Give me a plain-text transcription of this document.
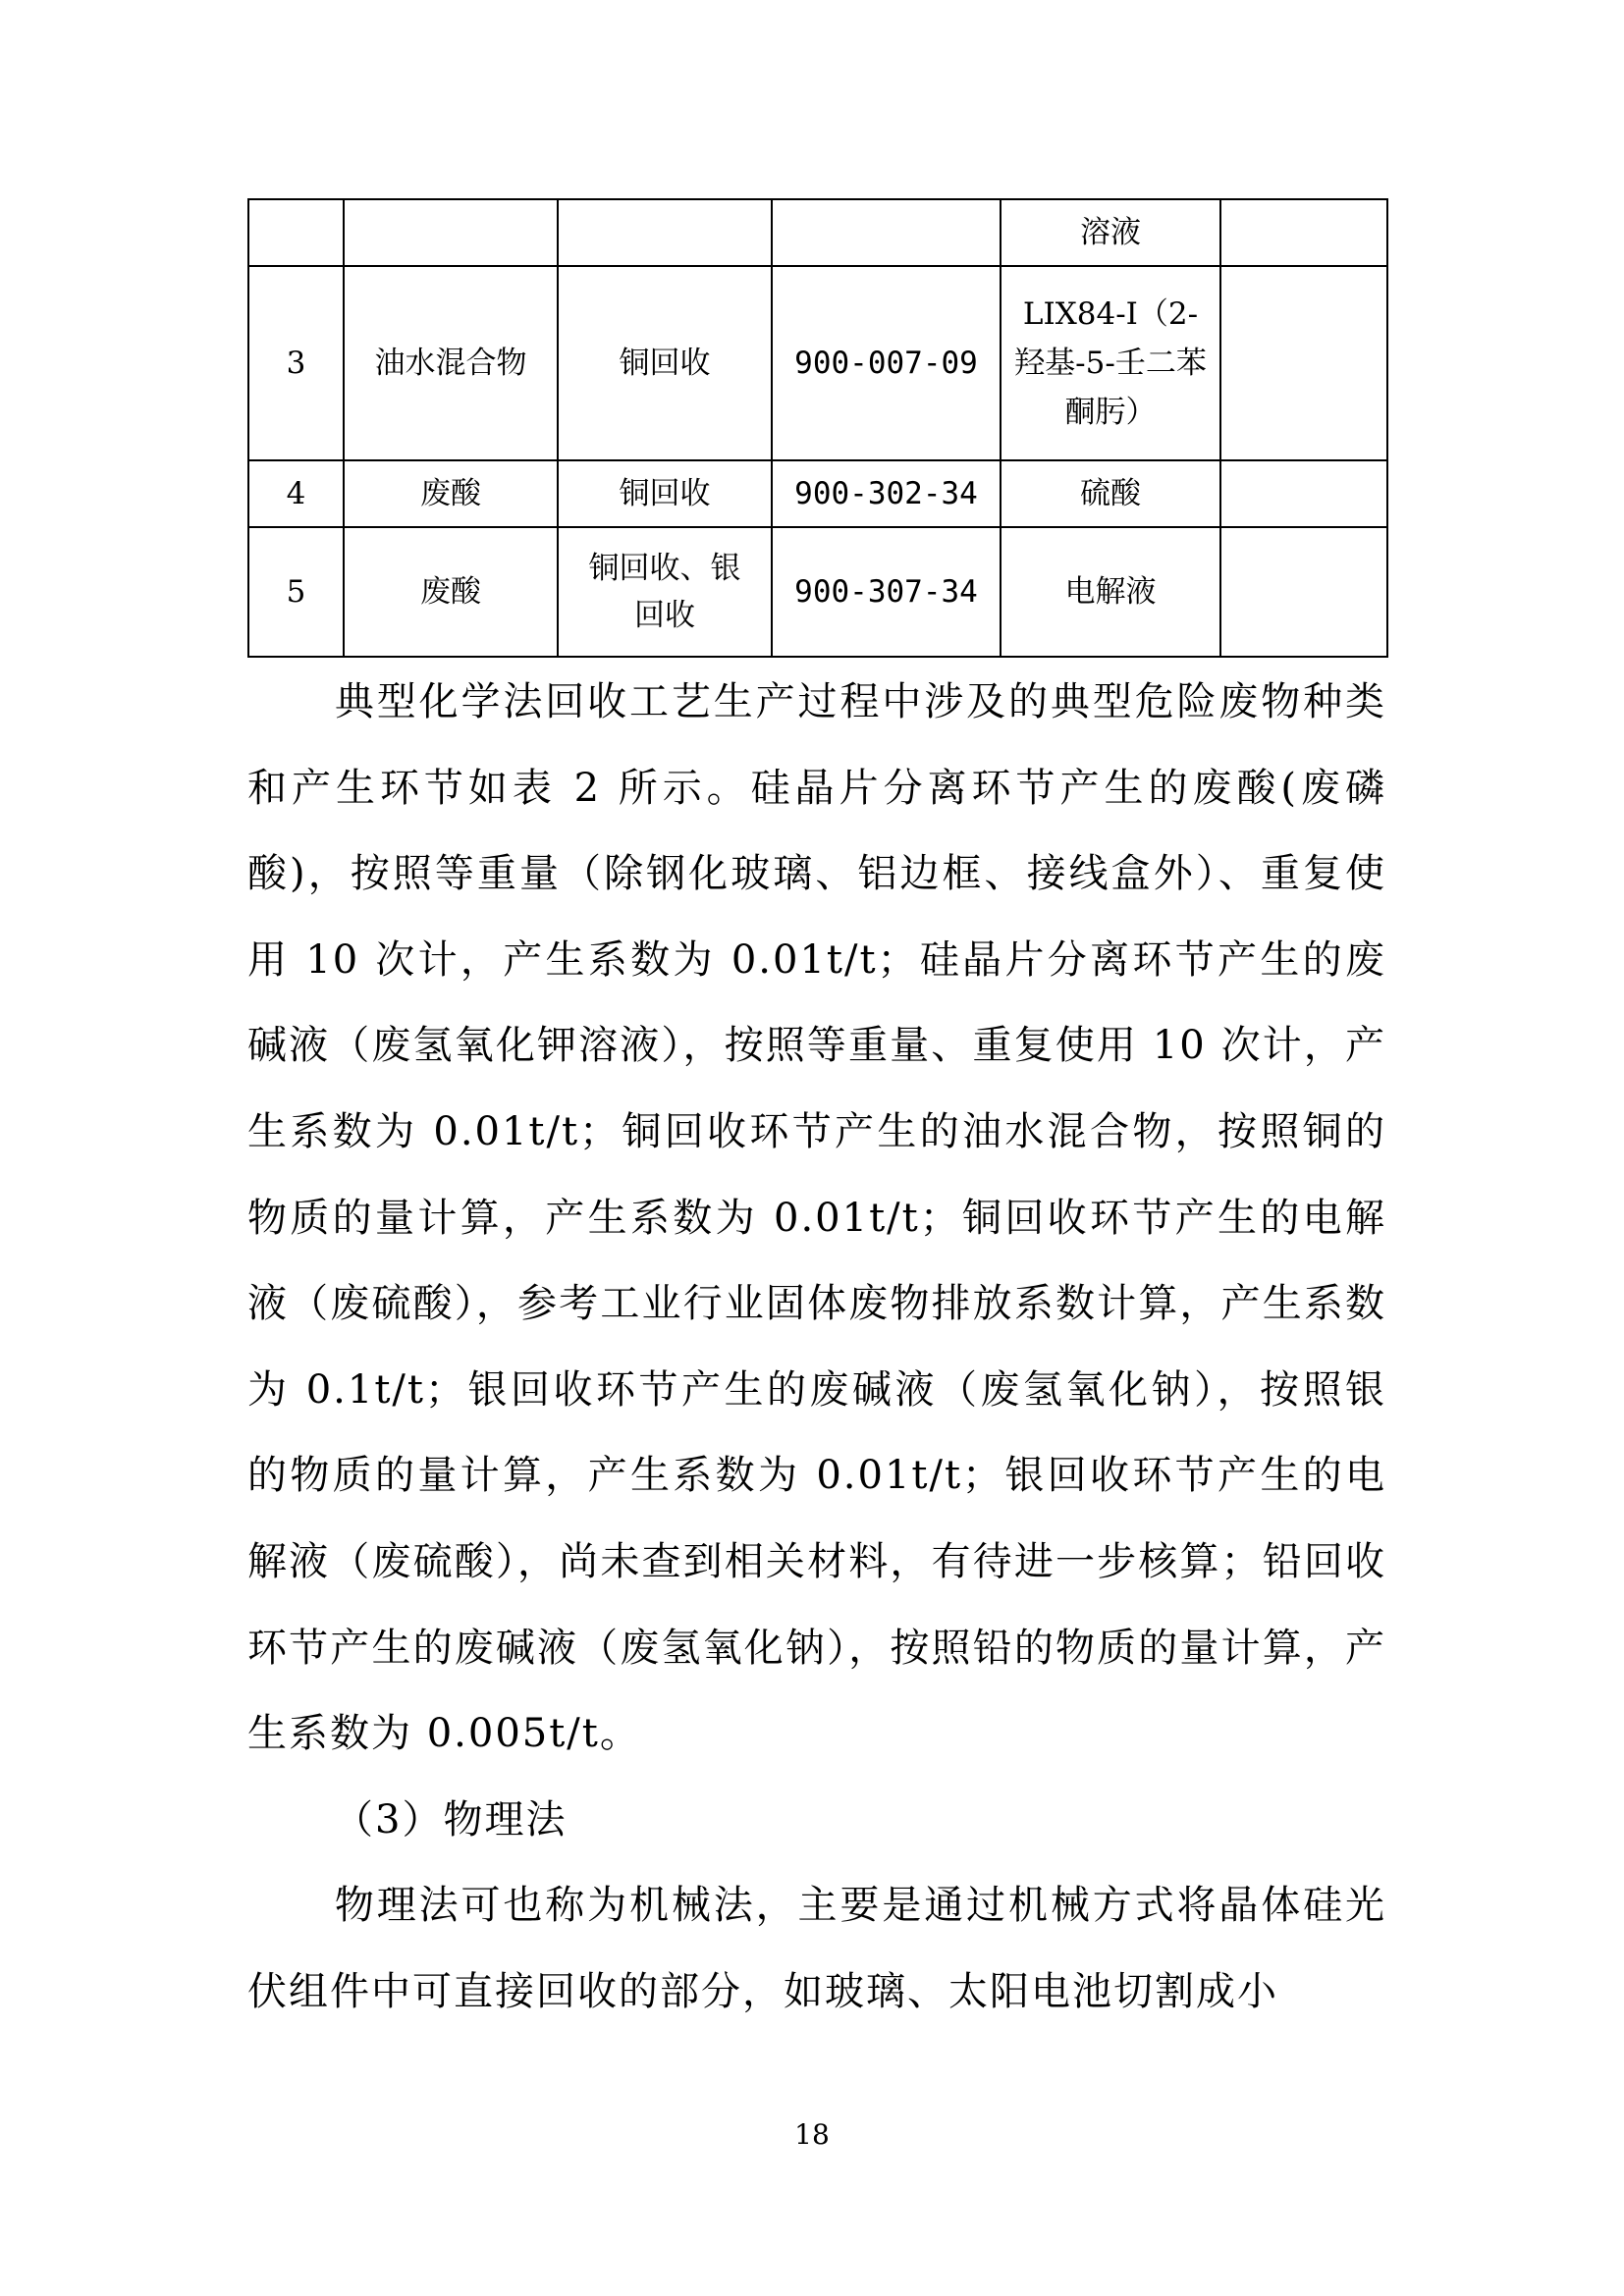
				溶液	
3	油水混合物	铜回收	900-007-09	LIX84-I（2-羟基-5-壬二苯酮肟）	
4	废酸	铜回收	900-302-34	硫酸	
5	废酸	铜回收、银回收	900-307-34	电解液	

典型化学法回收工艺生产过程中涉及的典型危险废物种类和产生环节如表 2 所示。硅晶片分离环节产生的废酸(废磷酸)，按照等重量（除钢化玻璃、铝边框、接线盒外）、重复使用 10 次计，产生系数为 0.01t/t；硅晶片分离环节产生的废碱液（废氢氧化钾溶液），按照等重量、重复使用 10 次计，产生系数为 0.01t/t；铜回收环节产生的油水混合物，按照铜的物质的量计算，产生系数为 0.01t/t；铜回收环节产生的电解液（废硫酸），参考工业行业固体废物排放系数计算，产生系数为 0.1t/t；银回收环节产生的废碱液（废氢氧化钠），按照银的物质的量计算，产生系数为 0.01t/t；银回收环节产生的电解液（废硫酸），尚未查到相关材料，有待进一步核算；铅回收环节产生的废碱液（废氢氧化钠），按照铅的物质的量计算，产生系数为 0.005t/t。

（3）物理法

物理法可也称为机械法，主要是通过机械方式将晶体硅光伏组件中可直接回收的部分，如玻璃、太阳电池切割成小

18
